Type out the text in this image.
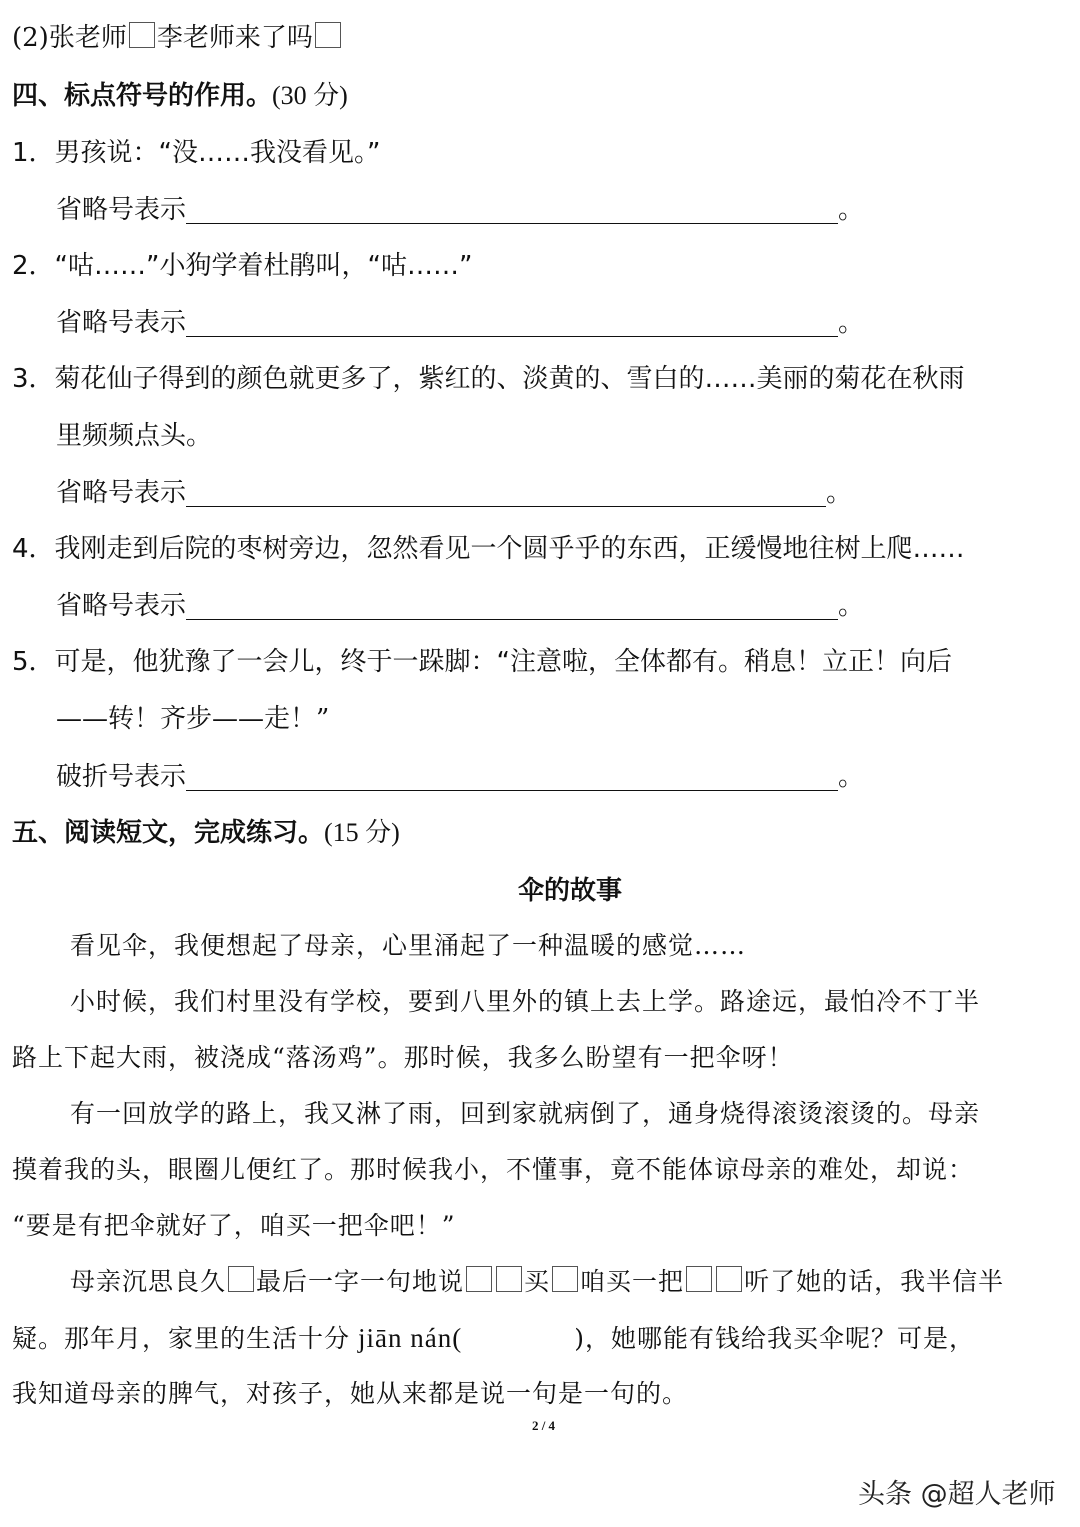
(2)张老师 李老师来了吗
四、标点符号的作用。(30 分)
1．男孩说：“没……我没看见。”
省略号表示	。
2．“咕……”小狗学着杜鹃叫，“咕……”
省略号表示	。
3．菊花仙子得到的颜色就更多了，紫红的、淡黄的、雪白的……美丽的菊花在秋雨
里频频点头。
省略号表示	。
4．我刚走到后院的枣树旁边，忽然看见一个圆乎乎的东西，正缓慢地往树上爬……
省略号表示	。
5．可是，他犹豫了一会儿，终于一跺脚：“注意啦，全体都有。稍息！立正！向后
——转！齐步——走！”
破折号表示	。
五、阅读短文，完成练习。(15 分)
伞的故事
看见伞，我便想起了母亲，心里涌起了一种温暖的感觉……
小时候，我们村里没有学校，要到八里外的镇上去上学。路途远，最怕冷不丁半
路上下起大雨，被浇成“落汤鸡”。那时候，我多么盼望有一把伞呀！
有一回放学的路上，我又淋了雨，回到家就病倒了，通身烧得滚烫滚烫的。母亲
摸着我的头，眼圈儿便红了。那时候我小，不懂事，竟不能体谅母亲的难处，却说：
“要是有把伞就好了，咱买一把伞吧！”
母亲沉思良久 最后一字一句地说 买 咱买一把 听了她的话，我半信半
疑。那年月，家里的生活十分 jiān nán(	)，她哪能有钱给我买伞呢？可是，
我知道母亲的脾气，对孩子，她从来都是说一句是一句的。
2 / 4
头条 @超人老师
